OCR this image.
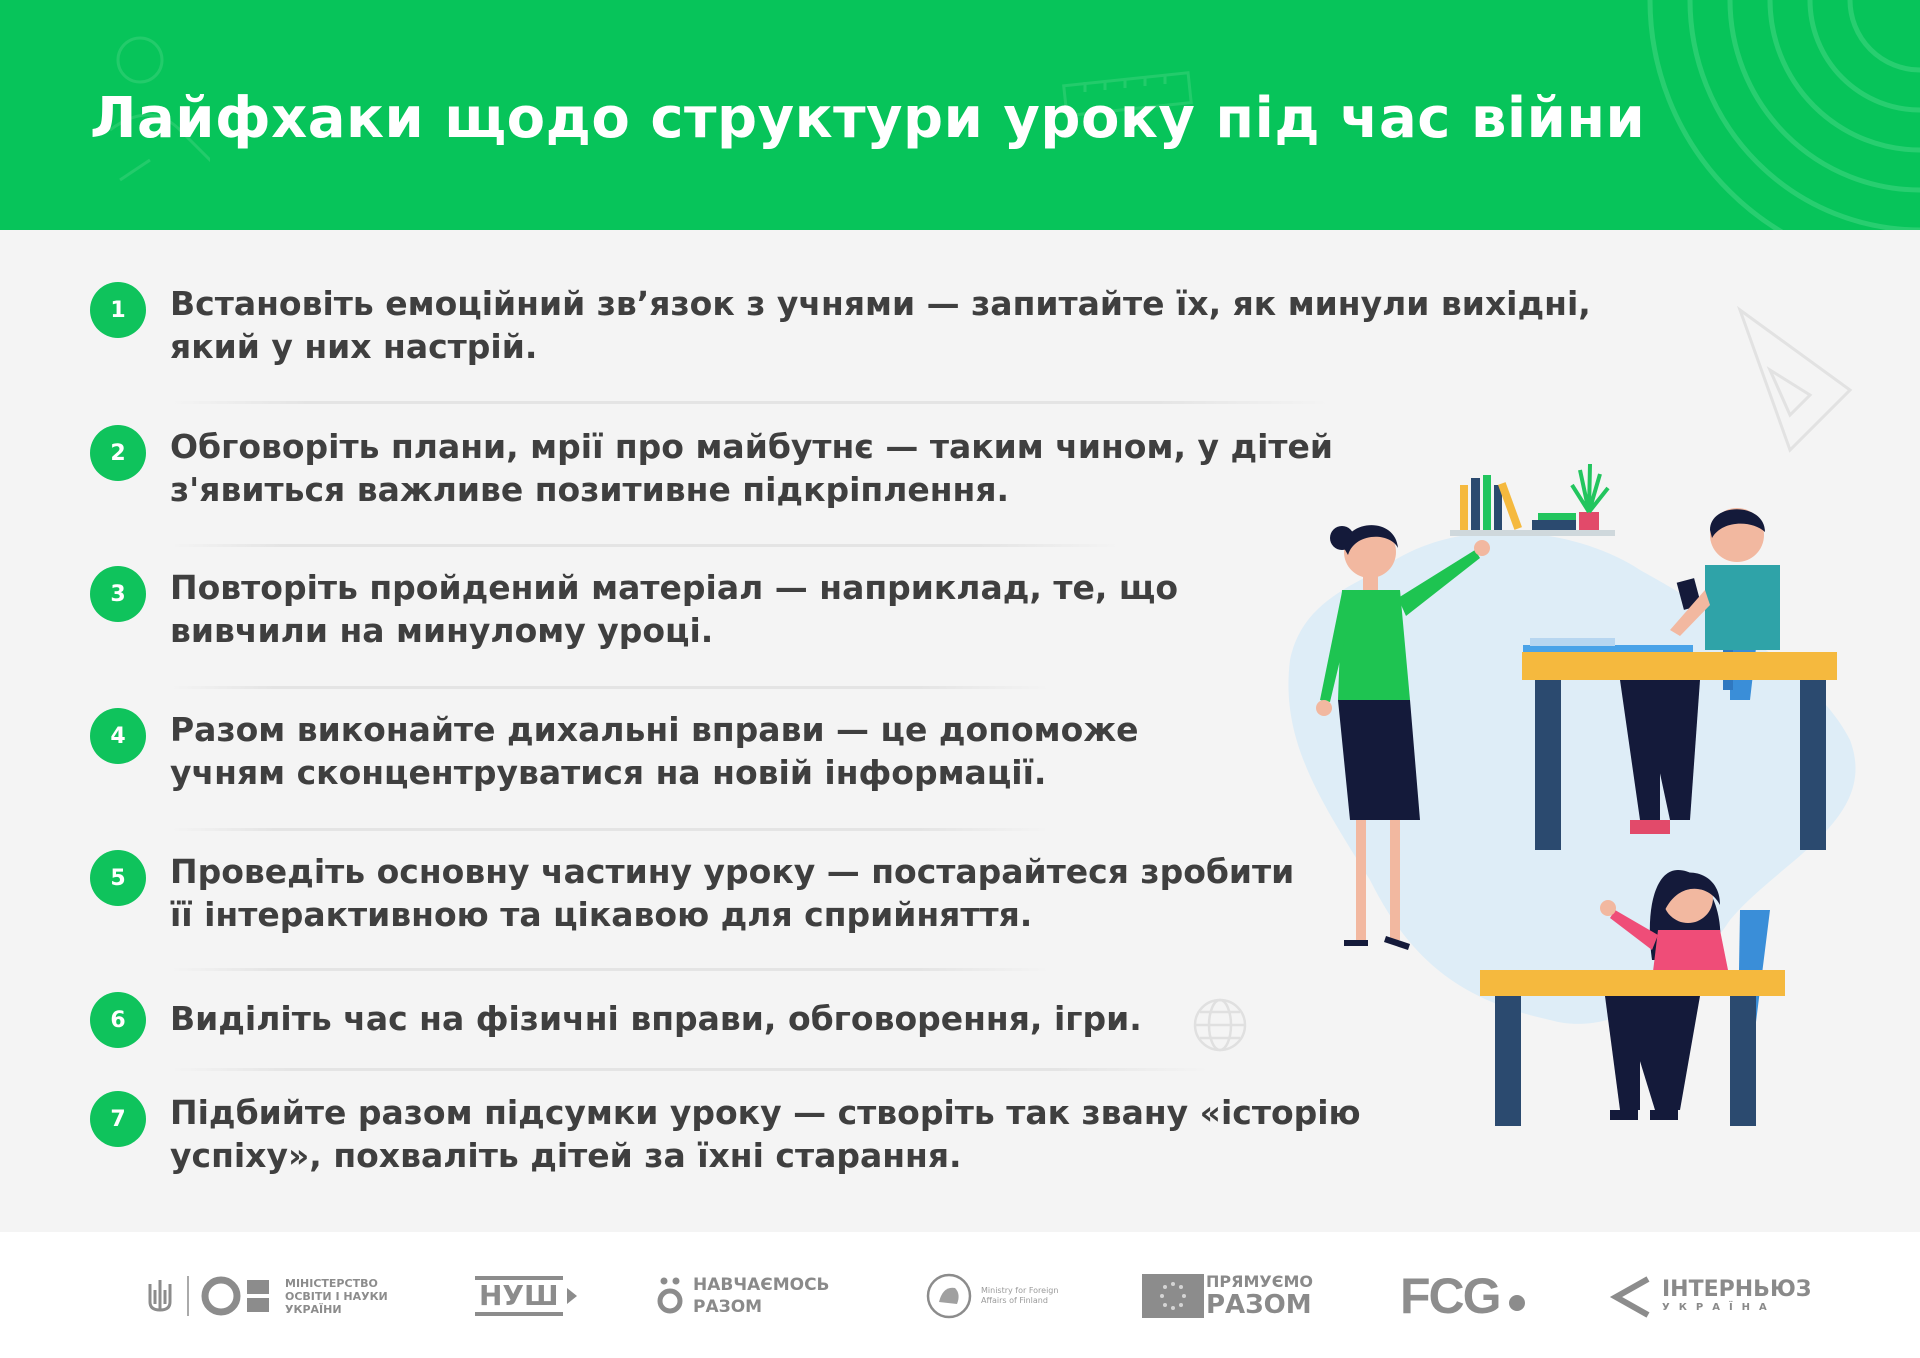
Лайфхаки щодо структури уроку під час війни
1	Встановіть емоційний зв’язок з учнями — запитайте їх, як минули вихідні,
який у них настрій.
2	Обговоріть плани, мрії про майбутнє — таким чином, у дітей
з'явиться важливе позитивне підкріплення.
3	Повторіть пройдений матеріал — наприклад, те, що
вивчили на минулому уроці.
4	Разом виконайте дихальні вправи — це допоможе
учням сконцентруватися на новій інформації.
5	Проведіть основну частину уроку — постарайтеся зробити
її інтерактивною та цікавою для сприйняття.
6	Виділіть час на фізичні вправи, обговорення, ігри.
7	Підбийте разом підсумки уроку — створіть так звану «історію
успіху», похваліть дітей за їхні старання.
МІНІСТЕРСТВО
ОСВІТИ І НАУКИ
УКРАЇНИ	НУШ	НАВЧАЄМОСЬ
РАЗОМ
Ministry for Foreign
Affairs of Finland
ПРЯМУЄМО
РАЗОМ FCG	ІНТЕРНЬЮЗ
УКРАЇНА
